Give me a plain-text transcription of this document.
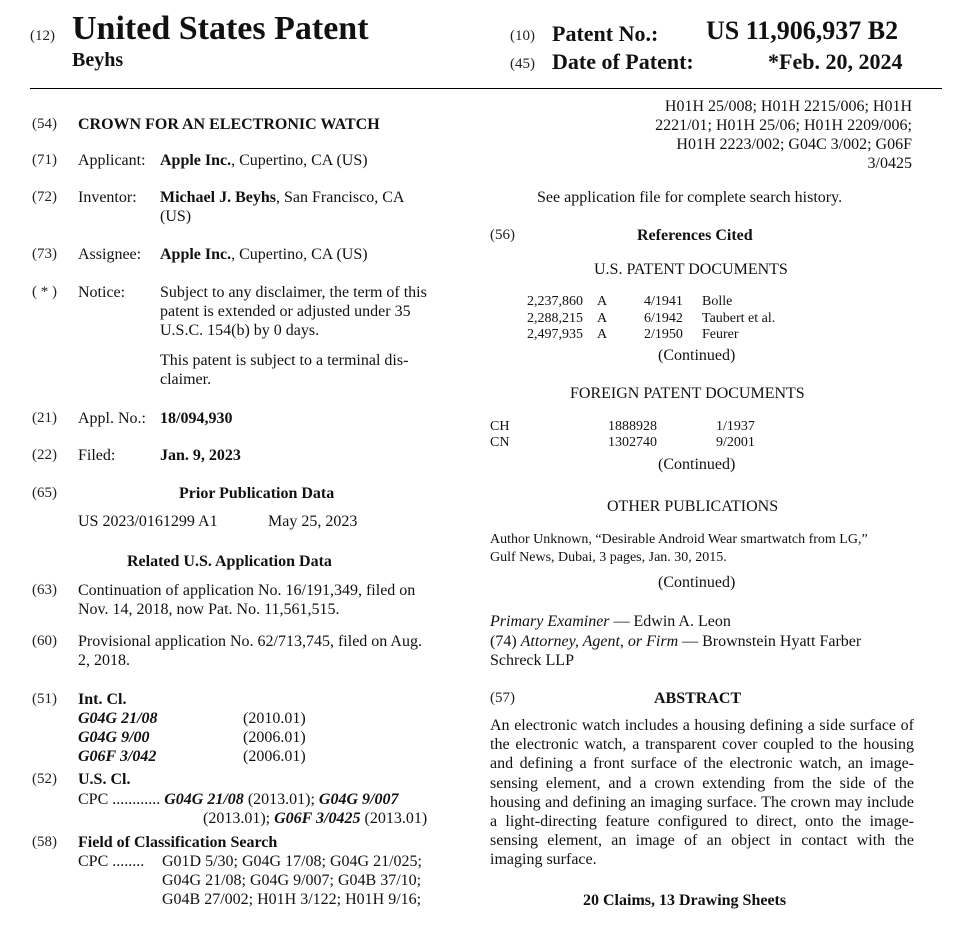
(12) United States Patent
Beyhs
(10) Patent No.: US 11,906,937 B2
(45) Date of Patent:	*Feb. 20, 2024
(54) CROWN FOR AN ELECTRONIC WATCH
(71) Applicant: Apple Inc., Cupertino, CA (US)
(72) Inventor: Michael J. Beyhs, San Francisco, CA
(US)
(73) Assignee: Apple Inc., Cupertino, CA (US)
( * ) Notice: Subject to any disclaimer, the term of this
patent is extended or adjusted under 35
U.S.C. 154(b) by 0 days.
This patent is subject to a terminal dis-
claimer.
(21) Appl. No.: 18/094,930
(22) Filed:	Jan. 9, 2023
(65)	Prior Publication Data
US 2023/0161299 A1	May 25, 2023
Related U.S. Application Data
(63) Continuation of application No. 16/191,349, filed on
Nov. 14, 2018, now Pat. No. 11,561,515.
(60) Provisional application No. 62/713,745, filed on Aug.
2, 2018.
(51) Int. Cl.
G04G 21/08	(2010.01)
G04G 9/00	(2006.01)
G06F 3/042	(2006.01)
(52) U.S. Cl.
CPC ............ G04G 21/08 (2013.01); G04G 9/007
(2013.01); G06F 3/0425 (2013.01)
(58) Field of Classification Search
CPC ........ G01D 5/30; G04G 17/08; G04G 21/025;
G04G 21/08; G04G 9/007; G04B 37/10;
G04B 27/002; H01H 3/122; H01H 9/16;
H01H 25/008; H01H 2215/006; H01H
2221/01; H01H 25/06; H01H 2209/006;
H01H 2223/002; G04C 3/002; G06F
3/0425
See application file for complete search history.
(56)	References Cited
U.S. PATENT DOCUMENTS
2,237,860 A	4/1941 Bolle
2,288,215 A	6/1942 Taubert et al.
2,497,935 A	2/1950 Feurer
(Continued)
FOREIGN PATENT DOCUMENTS
CH	1888928	1/1937
CN	1302740	9/2001
(Continued)
OTHER PUBLICATIONS
Author Unknown, “Desirable Android Wear smartwatch from LG,”
Gulf News, Dubai, 3 pages, Jan. 30, 2015.
(Continued)
Primary Examiner — Edwin A. Leon
(74) Attorney, Agent, or Firm — Brownstein Hyatt Farber
Schreck LLP
(57)	ABSTRACT
An electronic watch includes a housing defining a side surface of the electronic watch, a transparent cover coupled to the housing and defining a front surface of the electronic watch, an image-sensing element, and a crown extending from the side of the housing and defining an imaging surface. The crown may include a light-directing feature configured to direct, onto the image-sensing element, an image of an object in contact with the imaging surface.
20 Claims, 13 Drawing Sheets
